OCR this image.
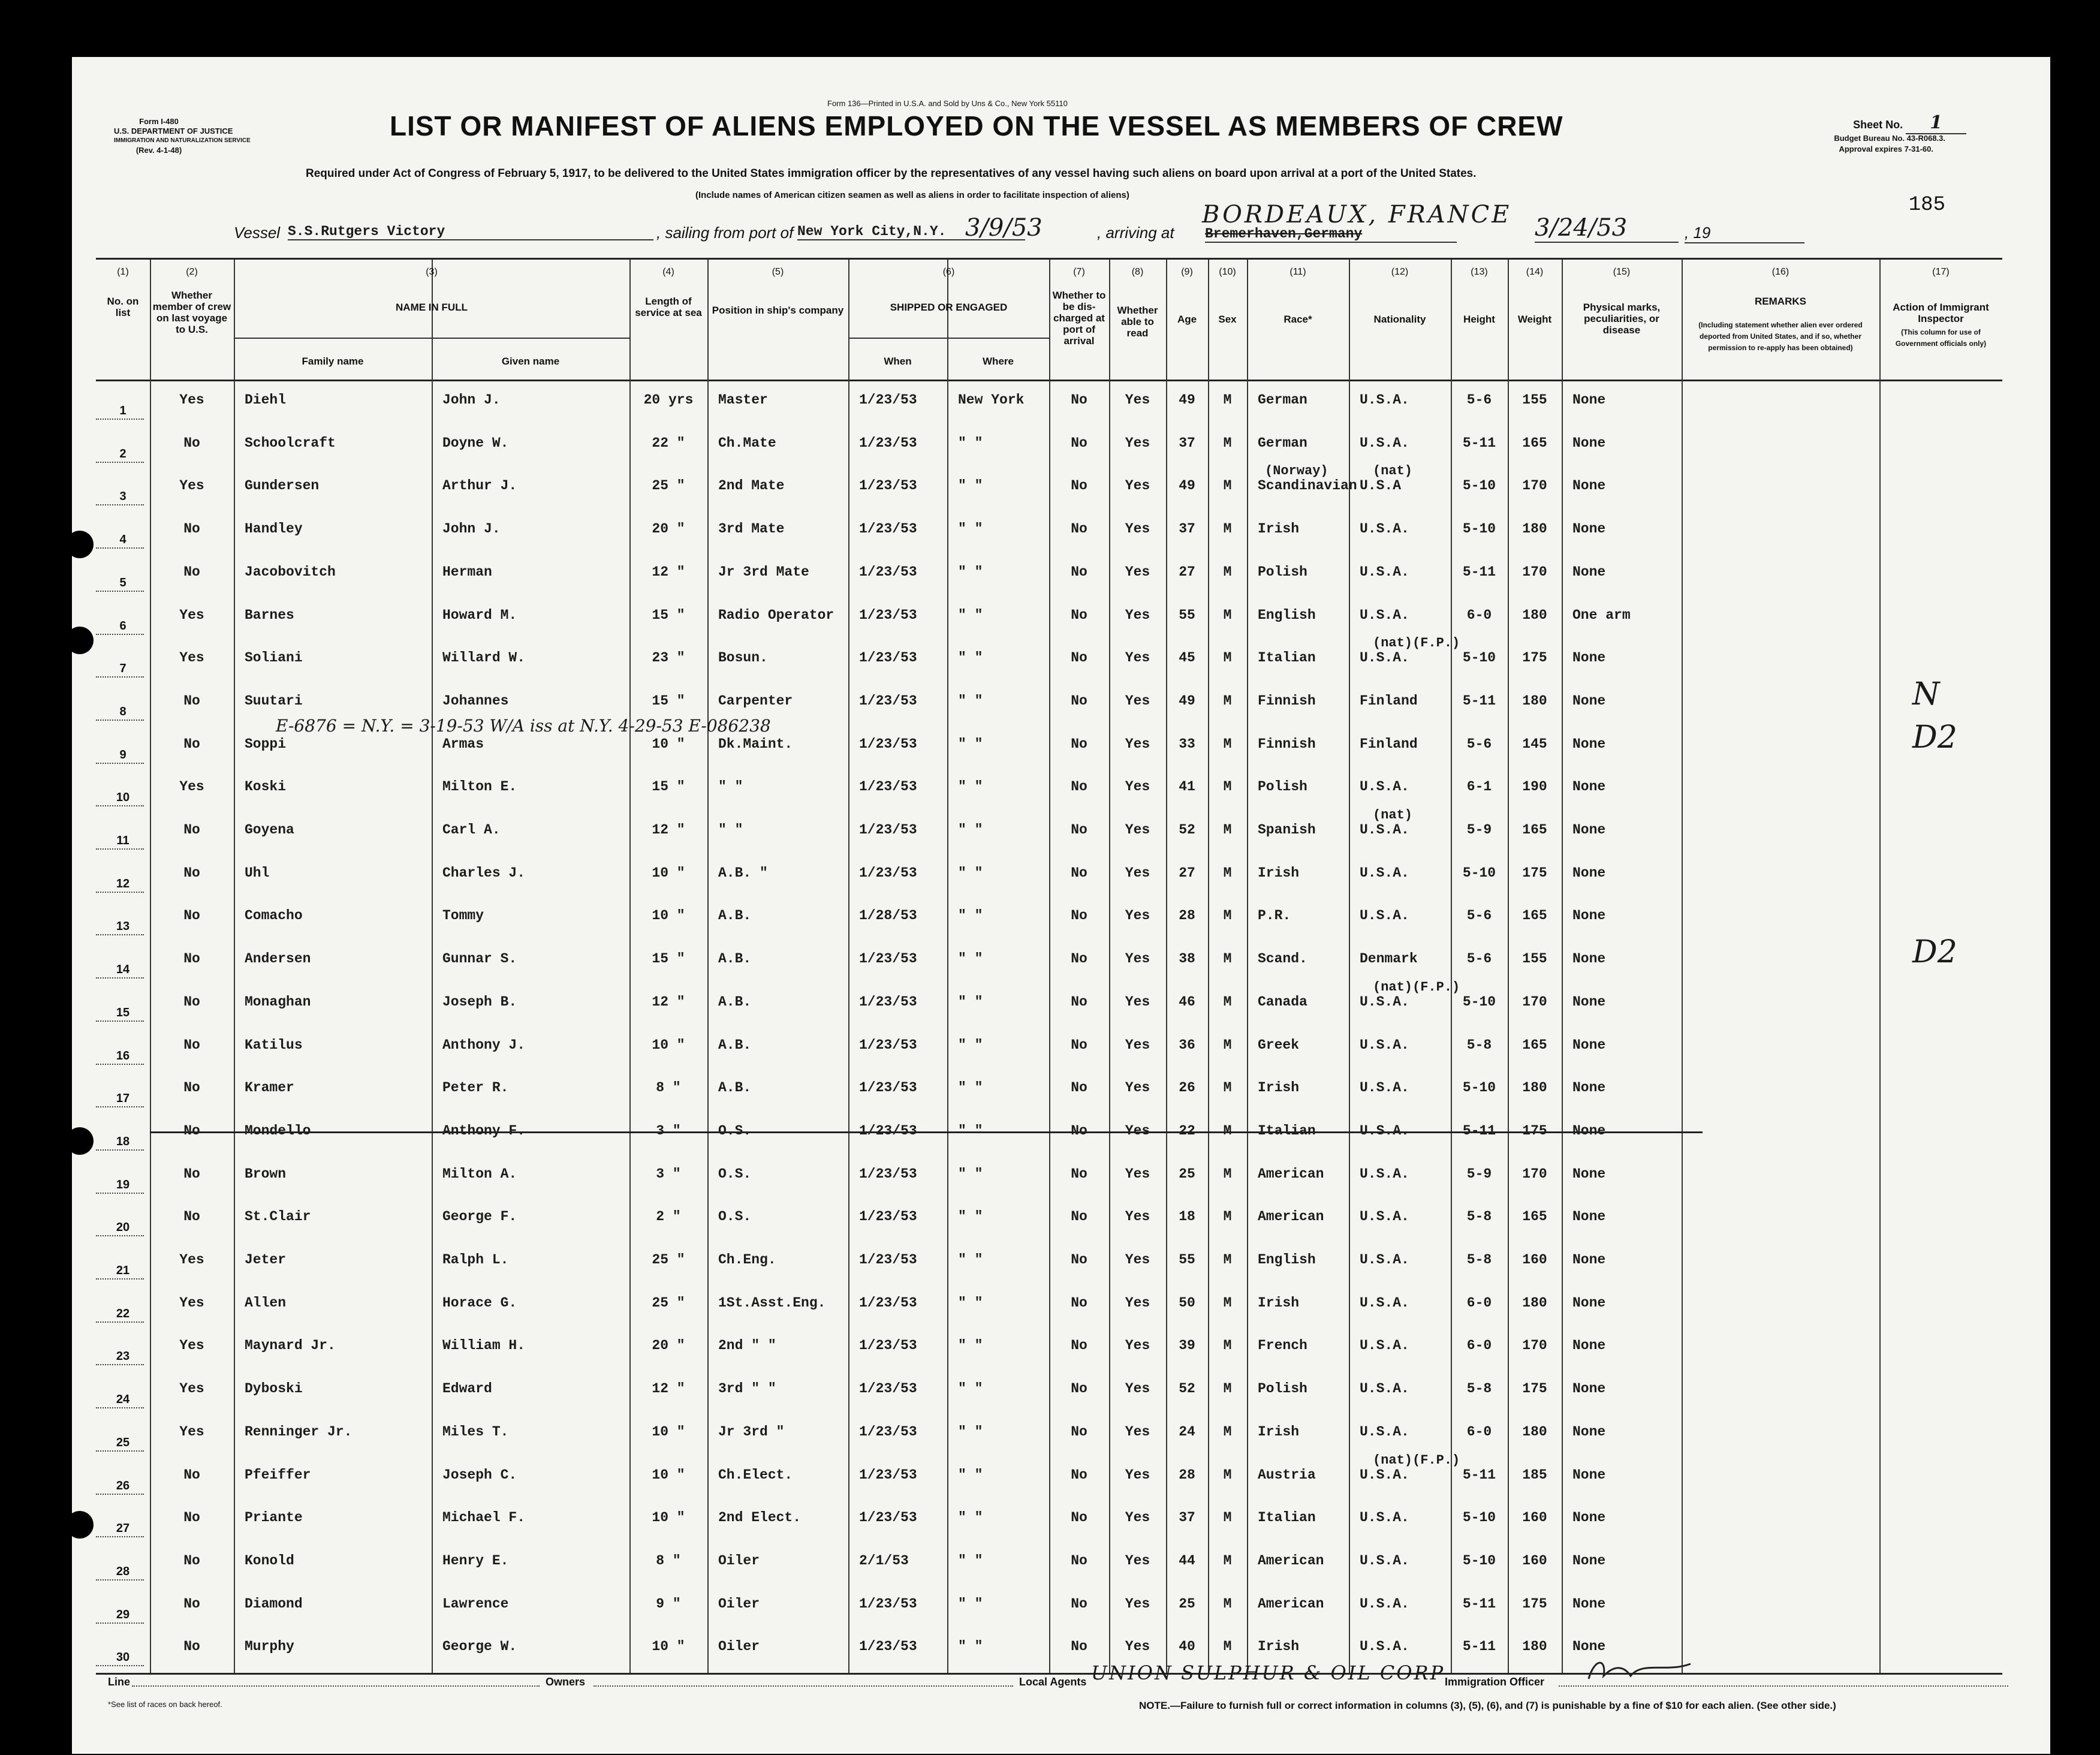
Form I-480
U.S. DEPARTMENT OF JUSTICE
IMMIGRATION AND NATURALIZATION SERVICE
(Rev. 4-1-48)
Form 136—Printed in U.S.A. and Sold by Uns & Co., New York 55110
LIST OR MANIFEST OF ALIENS EMPLOYED ON THE VESSEL AS MEMBERS OF CREW	Sheet No. 1
Budget Bureau No. 43-R068.3.
Approval expires 7-31-60.
Required under Act of Congress of February 5, 1917, to be delivered to the United States immigration officer by the representatives of any vessel having such aliens on board upon arrival at a port of the United States.
(Include names of American citizen seamen as well as aliens in order to facilitate inspection of aliens)	185
Vessel S.S.Rutgers Victory	, sailing from port of New York City,N.Y. 3/9/53	, arriving at Bremerhaven,Germany
BORDEAUX, FRANCE 3/24/53	, 19
(1)
No. on list
(2)
Whether member of crew on last voyage to U.S.
(3)
NAME IN FULL
(4)
Length of service at sea
(5)
Position in ship's company
(6)
SHIPPED OR ENGAGED
(7)
Whether to be dis-charged at port of arrival
(8)
Whether able to read
(9)
Age
(10)
Sex
(11)
Race*
(12)
Nationality
(13)
Height
(14)
Weight
(15)
Physical marks, peculiarities, or disease
(16)
REMARKS
(17)
Action of Immigrant Inspector
Family name	Given name	When	Where
(Including statement whether alien ever ordered deported from United States, and if so, whether permission to re-apply has been obtained)
(This column for use of Government officials only)
1
Yes	Diehl	John J.	20 yrs	Master	1/23/53	New York	No	Yes	49	M	German	U.S.A.	5-6	155	None
2
No	Schoolcraft	Doyne W.	22 "	Ch.Mate	1/23/53	" "	No	Yes	37	M	German	U.S.A.	5-11	165	None
3
Yes	Gundersen	Arthur J.	25 "	2nd Mate	1/23/53	" "	No	Yes	49	M	Scandinavian U.S.A	5-10	170	None
(Norway)	(nat)
4
No	Handley	John J.	20 "	3rd Mate	1/23/53	" "	No	Yes	37	M	Irish	U.S.A.	5-10	180	None
5
No	Jacobovitch	Herman	12 "	Jr 3rd Mate	1/23/53	" "	No	Yes	27	M	Polish	U.S.A.	5-11	170	None
6
Yes	Barnes	Howard M.	15 "	Radio Operator 1/23/53	" "	No	Yes	55	M	English	U.S.A.	6-0	180	One arm
7
Yes	Soliani	Willard W.	23 "	Bosun.	1/23/53	" "	No	Yes	45	M	Italian	U.S.A.	5-10	175	None
(nat)(F.P.)
8
No	Suutari	Johannes	15 "	Carpenter	1/23/53	" "	No	Yes	49	M	Finnish	Finland	5-11	180	None	N
9
No	Soppi	Armas	10 "	Dk.Maint.	1/23/53	" "	No	Yes	33	M	Finnish	Finland	5-6	145	None
E-6876 = N.Y. = 3-19-53 W/A iss at N.Y. 4-29-53 E-086238	D2
10
Yes	Koski	Milton E.	15 "	" "	1/23/53	" "	No	Yes	41	M	Polish	U.S.A.	6-1	190	None
11
No	Goyena	Carl A.	12 "	" "	1/23/53	" "	No	Yes	52	M	Spanish	U.S.A.	5-9	165	None
(nat)
12
No	Uhl	Charles J.	10 "	A.B. "	1/23/53	" "	No	Yes	27	M	Irish	U.S.A.	5-10	175	None
13
No	Comacho	Tommy	10 "	A.B.	1/28/53	" "	No	Yes	28	M	P.R.	U.S.A.	5-6	165	None
14
No	Andersen	Gunnar S.	15 "	A.B.	1/23/53	" "	No	Yes	38	M	Scand.	Denmark	5-6	155	None	D2
15
No	Monaghan	Joseph B.	12 "	A.B.	1/23/53	" "	No	Yes	46	M	Canada	U.S.A.	5-10	170	None
(nat)(F.P.)
16
No	Katilus	Anthony J.	10 "	A.B.	1/23/53	" "	No	Yes	36	M	Greek	U.S.A.	5-8	165	None
17
No	Kramer	Peter R.	8 "	A.B.	1/23/53	" "	No	Yes	26	M	Irish	U.S.A.	5-10	180	None
18
No	Mondello	Anthony F.	3 "	O.S.	1/23/53	" "	No	Yes	22	M	Italian	U.S.A.	5-11	175	None
19
No	Brown	Milton A.	3 "	O.S.	1/23/53	" "	No	Yes	25	M	American	U.S.A.	5-9	170	None
20
No	St.Clair	George F.	2 "	O.S.	1/23/53	" "	No	Yes	18	M	American	U.S.A.	5-8	165	None
21
Yes	Jeter	Ralph L.	25 "	Ch.Eng.	1/23/53	" "	No	Yes	55	M	English	U.S.A.	5-8	160	None
22
Yes	Allen	Horace G.	25 "	1St.Asst.Eng. 1/23/53	" "	No	Yes	50	M	Irish	U.S.A.	6-0	180	None
23
Yes	Maynard Jr.	William H.	20 "	2nd " "	1/23/53	" "	No	Yes	39	M	French	U.S.A.	6-0	170	None
24
Yes	Dyboski	Edward	12 "	3rd " "	1/23/53	" "	No	Yes	52	M	Polish	U.S.A.	5-8	175	None
25
Yes	Renninger Jr.	Miles T.	10 "	Jr 3rd "	1/23/53	" "	No	Yes	24	M	Irish	U.S.A.	6-0	180	None
26
No	Pfeiffer	Joseph C.	10 "	Ch.Elect.	1/23/53	" "	No	Yes	28	M	Austria	U.S.A.	5-11	185	None
(nat)(F.P.)
27
No	Priante	Michael F.	10 "	2nd Elect.	1/23/53	" "	No	Yes	37	M	Italian	U.S.A.	5-10	160	None
28
No	Konold	Henry E.	8 "	Oiler	2/1/53	" "	No	Yes	44	M	American	U.S.A.	5-10	160	None
29
No	Diamond	Lawrence	9 "	Oiler	1/23/53	" "	No	Yes	25	M	American	U.S.A.	5-11	175	None
30
No	Murphy	George W.	10 "	Oiler	1/23/53	" "	No	Yes	40	M	Irish	U.S.A.	5-11	180	None
Line	Owners	Local Agents UNION SULPHUR & OIL CORP Immigration Officer
*See list of races on back hereof.	NOTE.—Failure to furnish full or correct information in columns (3), (5), (6), and (7) is punishable by a fine of $10 for each alien. (See other side.)
